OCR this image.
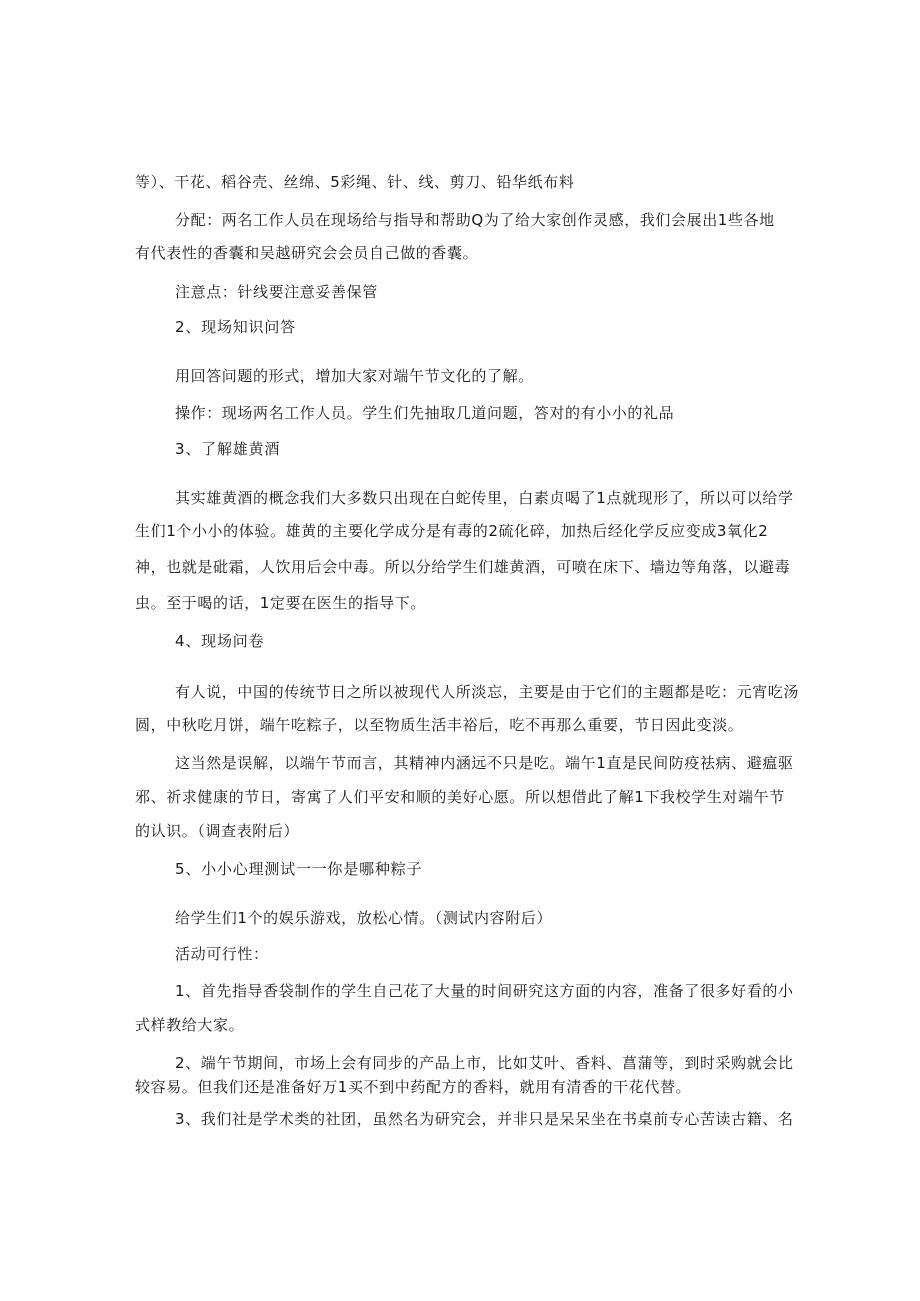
等）、干花、稻谷壳、丝绵、5彩绳、针、线、剪刀、铅华纸布料
分配：两名工作人员在现场给与指导和帮助Q为了给大家创作灵感，我们会展出1些各地
有代表性的香囊和吴越研究会会员自己做的香囊。
注意点：针线要注意妥善保管
2、现场知识问答
用回答问题的形式，增加大家对端午节文化的了解。
操作：现场两名工作人员。学生们先抽取几道问题，答对的有小小的礼品
3、了解雄黄酒
其实雄黄酒的概念我们大多数只出现在白蛇传里，白素贞喝了1点就现形了，所以可以给学
生们1个小小的体验。雄黄的主要化学成分是有毒的2硫化碎，加热后经化学反应变成3氧化2
神，也就是砒霜，人饮用后会中毒。所以分给学生们雄黄酒，可喷在床下、墙边等角落，以避毒
虫。至于喝的话，1定要在医生的指导下。
4、现场问卷
有人说，中国的传统节日之所以被现代人所淡忘，主要是由于它们的主题都是吃：元宵吃汤
圆，中秋吃月饼，端午吃粽子，以至物质生活丰裕后，吃不再那么重要，节日因此变淡。
这当然是误解，以端午节而言，其精神内涵远不只是吃。端午1直是民间防疫祛病、避瘟驱
邪、祈求健康的节日，寄寓了人们平安和顺的美好心愿。所以想借此了解1下我校学生对端午节
的认识。（调查表附后）
5、小小心理测试一一你是哪种粽子
给学生们1个的娱乐游戏，放松心情。（测试内容附后）
活动可行性：
1、首先指导香袋制作的学生自己花了大量的时间研究这方面的内容，准备了很多好看的小
式样教给大家。
2、端午节期间，市场上会有同步的产品上市，比如艾叶、香料、菖蒲等，到时采购就会比
较容易。但我们还是准备好万1买不到中药配方的香料，就用有清香的干花代替。
3、我们社是学术类的社团，虽然名为研究会，并非只是呆呆坐在书桌前专心苦读古籍、名
